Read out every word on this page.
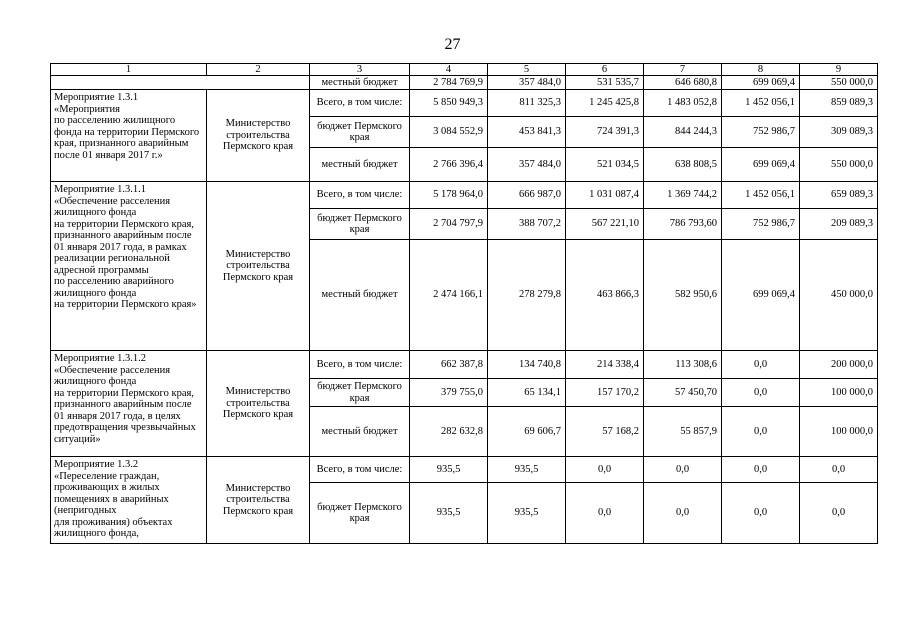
27
1	2	3	4	5	6	7	8	9
		местный бюджет	2 784 769,9	357 484,0	531 535,7	646 680,8	699 069,4	550 000,0
Мероприятие 1.3.1
«Мероприятия
по расселению жилищного фонда на территории Пермского края, признанного аварийным после 01 января 2017 г.»	Министерство строительства Пермского края	Всего, в том числе:	5 850 949,3	811 325,3	1 245 425,8	1 483 052,8	1 452 056,1	859 089,3
		бюджет Пермского края	3 084 552,9	453 841,3	724 391,3	844 244,3	752 986,7	309 089,3
		местный бюджет	2 766 396,4	357 484,0	521 034,5	638 808,5	699 069,4	550 000,0
Мероприятие 1.3.1.1
«Обеспечение расселения жилищного фонда
на территории Пермского края, признанного аварийным после 01 января 2017 года, в рамках реализации региональной адресной программы
по расселению аварийного жилищного фонда
на территории Пермского края»	Министерство строительства Пермского края	Всего, в том числе:	5 178 964,0	666 987,0	1 031 087,4	1 369 744,2	1 452 056,1	659 089,3
		бюджет Пермского края	2 704 797,9	388 707,2	567 221,10	786 793,60	752 986,7	209 089,3
		местный бюджет	2 474 166,1	278 279,8	463 866,3	582 950,6	699 069,4	450 000,0
Мероприятие 1.3.1.2
«Обеспечение расселения жилищного фонда
на территории Пермского края, признанного аварийным после 01 января 2017 года, в целях предотвращения чрезвычайных ситуаций»	Министерство строительства Пермского края	Всего, в том числе:	662 387,8	134 740,8	214 338,4	113 308,6	0,0	200 000,0
		бюджет Пермского края	379 755,0	65 134,1	157 170,2	57 450,70	0,0	100 000,0
		местный бюджет	282 632,8	69 606,7	57 168,2	55 857,9	0,0	100 000,0
Мероприятие 1.3.2
«Переселение граждан, проживающих в жилых помещениях в аварийных (непригодных
для проживания) объектах жилищного фонда,	Министерство строительства Пермского края	Всего, в том числе:	935,5	935,5	0,0	0,0	0,0	0,0
		бюджет Пермского края	935,5	935,5	0,0	0,0	0,0	0,0
